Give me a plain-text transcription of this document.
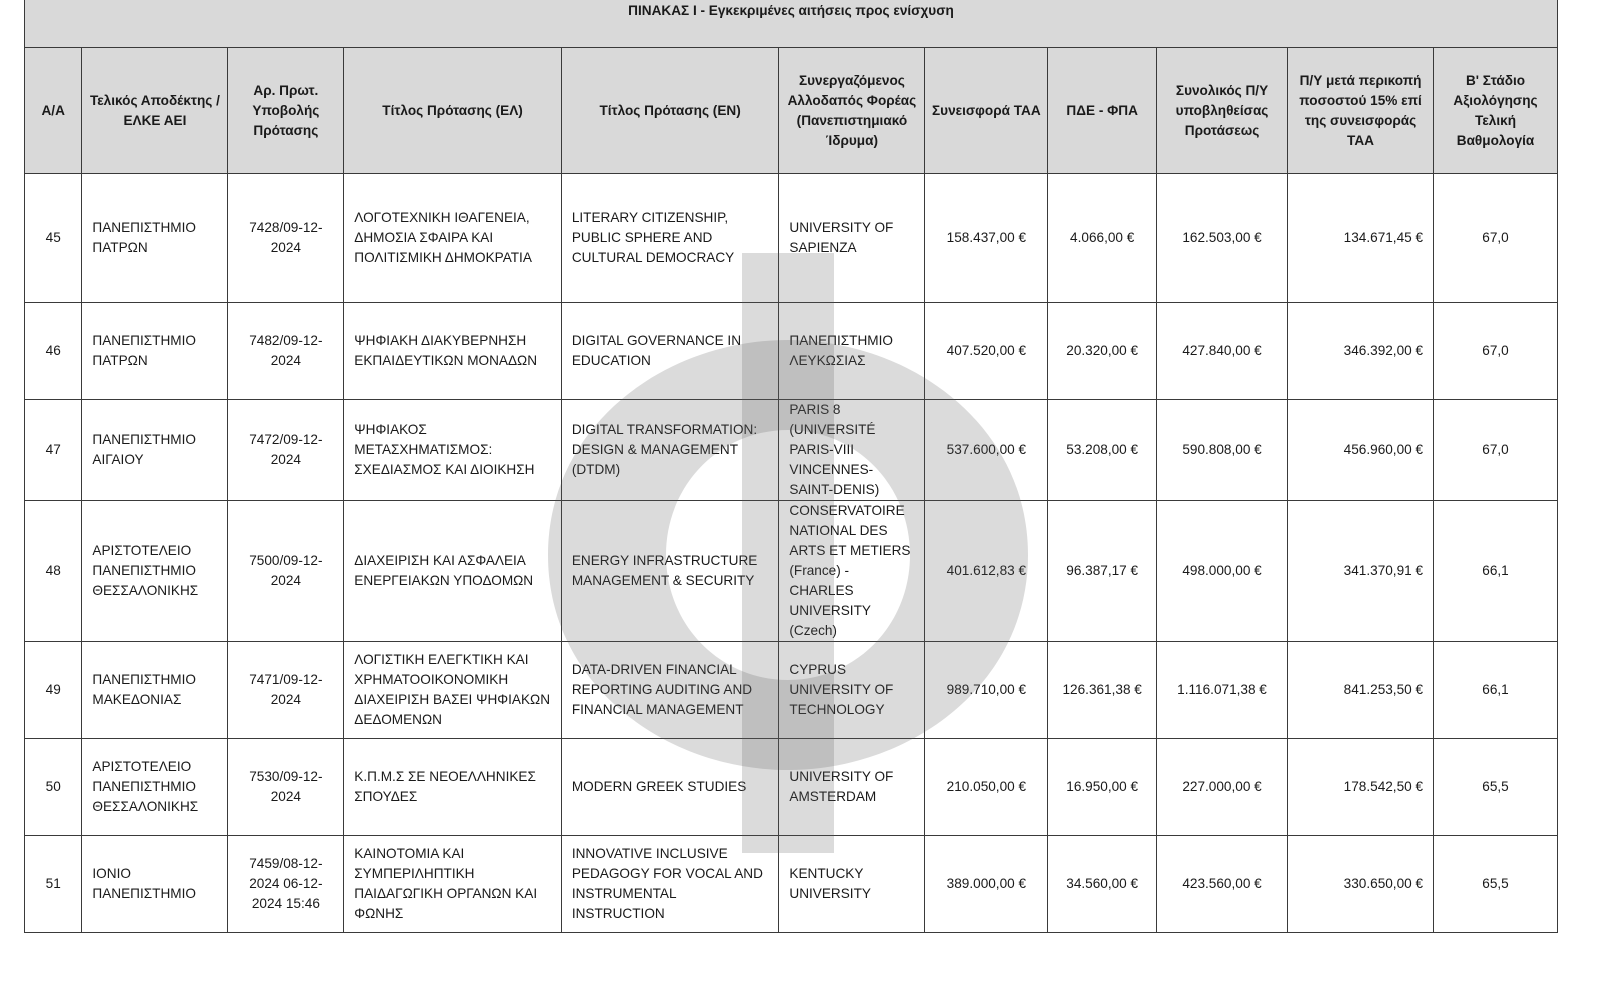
ΠΙΝΑΚΑΣ Ι - Εγκεκριμένες αιτήσεις προς ενίσχυση										
Α/Α	Τελικός Αποδέκτης / ΕΛΚΕ ΑΕΙ	Αρ. Πρωτ. Υποβολής Πρότασης	Τίτλος Πρότασης (ΕΛ)	Τίτλος Πρότασης (EN)	Συνεργαζόμενος Αλλοδαπός Φορέας (Πανεπιστημιακό Ίδρυμα)	Συνεισφορά ΤΑΑ	ΠΔΕ - ΦΠΑ	Συνολικός Π/Υ υποβληθείσας Προτάσεως	Π/Υ μετά περικοπή ποσοστού 15% επί της συνεισφοράς ΤΑΑ	Β' Στάδιο Αξιολόγησης Τελική Βαθμολογία
45	ΠΑΝΕΠΙΣΤΗΜΙΟ ΠΑΤΡΩΝ	7428/09-12-2024	ΛΟΓΟΤΕΧΝΙΚΗ ΙΘΑΓΕΝΕΙΑ, ΔΗΜΟΣΙΑ ΣΦΑΙΡΑ ΚΑΙ ΠΟΛΙΤΙΣΜΙΚΗ ΔΗΜΟΚΡΑΤΙΑ	LITERARY CITIZENSHIP, PUBLIC SPHERE AND CULTURAL DEMOCRACY	UNIVERSITY OF SAPIENZA	158.437,00 €	4.066,00 €	162.503,00 €	134.671,45 €	67,0
46	ΠΑΝΕΠΙΣΤΗΜΙΟ ΠΑΤΡΩΝ	7482/09-12-2024	ΨΗΦΙΑΚΗ ΔΙΑΚΥΒΕΡΝΗΣΗ ΕΚΠΑΙΔΕΥΤΙΚΩΝ ΜΟΝΑΔΩΝ	DIGITAL GOVERNANCE IN EDUCATION	ΠΑΝΕΠΙΣΤΗΜΙΟ ΛΕΥΚΩΣΙΑΣ	407.520,00 €	20.320,00 €	427.840,00 €	346.392,00 €	67,0
47	ΠΑΝΕΠΙΣΤΗΜΙΟ ΑΙΓΑΙΟΥ	7472/09-12-2024	ΨΗΦΙΑΚΟΣ ΜΕΤΑΣΧΗΜΑΤΙΣΜΟΣ: ΣΧΕΔΙΑΣΜΟΣ ΚΑΙ ΔΙΟΙΚΗΣΗ	DIGITAL TRANSFORMATION: DESIGN & MANAGEMENT (DTDM)	PARIS 8 (UNIVERSITÉ PARIS-VIII VINCENNES-SAINT-DENIS)	537.600,00 €	53.208,00 €	590.808,00 €	456.960,00 €	67,0
48	ΑΡΙΣΤΟΤΕΛΕΙΟ ΠΑΝΕΠΙΣΤΗΜΙΟ ΘΕΣΣΑΛΟΝΙΚΗΣ	7500/09-12-2024	ΔΙΑΧΕΙΡΙΣΗ ΚΑΙ ΑΣΦΑΛΕΙΑ ΕΝΕΡΓΕΙΑΚΩΝ ΥΠΟΔΟΜΩΝ	ENERGY INFRASTRUCTURE MANAGEMENT & SECURITY	CONSERVATOIRE NATIONAL DES ARTS ET METIERS (France) - CHARLES UNIVERSITY (Czech)	401.612,83 €	96.387,17 €	498.000,00 €	341.370,91 €	66,1
49	ΠΑΝΕΠΙΣΤΗΜΙΟ ΜΑΚΕΔΟΝΙΑΣ	7471/09-12-2024	ΛΟΓΙΣΤΙΚΗ ΕΛΕΓΚΤΙΚΗ ΚΑΙ ΧΡΗΜΑΤΟΟΙΚΟΝΟΜΙΚΗ ΔΙΑΧΕΙΡΙΣΗ ΒΑΣΕΙ ΨΗΦΙΑΚΩΝ ΔΕΔΟΜΕΝΩΝ	DATA-DRIVEN FINANCIAL REPORTING AUDITING AND FINANCIAL MANAGEMENT	CYPRUS UNIVERSITY OF TECHNOLOGY	989.710,00 €	126.361,38 €	1.116.071,38 €	841.253,50 €	66,1
50	ΑΡΙΣΤΟΤΕΛΕΙΟ ΠΑΝΕΠΙΣΤΗΜΙΟ ΘΕΣΣΑΛΟΝΙΚΗΣ	7530/09-12-2024	Κ.Π.Μ.Σ ΣΕ ΝΕΟΕΛΛΗΝΙΚΕΣ ΣΠΟΥΔΕΣ	MODERN GREEK STUDIES	UNIVERSITY OF AMSTERDAM	210.050,00 €	16.950,00 €	227.000,00 €	178.542,50 €	65,5
51	ΙΟΝΙΟ ΠΑΝΕΠΙΣΤΗΜΙΟ	7459/08-12-2024 06-12-2024 15:46	ΚΑΙΝΟΤΟΜΙΑ ΚΑΙ ΣΥΜΠΕΡΙΛΗΠΤΙΚΗ ΠΑΙΔΑΓΩΓΙΚΗ ΟΡΓΑΝΩΝ ΚΑΙ ΦΩΝΗΣ	INNOVATIVE INCLUSIVE PEDAGOGY FOR VOCAL AND INSTRUMENTAL INSTRUCTION	KENTUCKY UNIVERSITY	389.000,00 €	34.560,00 €	423.560,00 €	330.650,00 €	65,5
